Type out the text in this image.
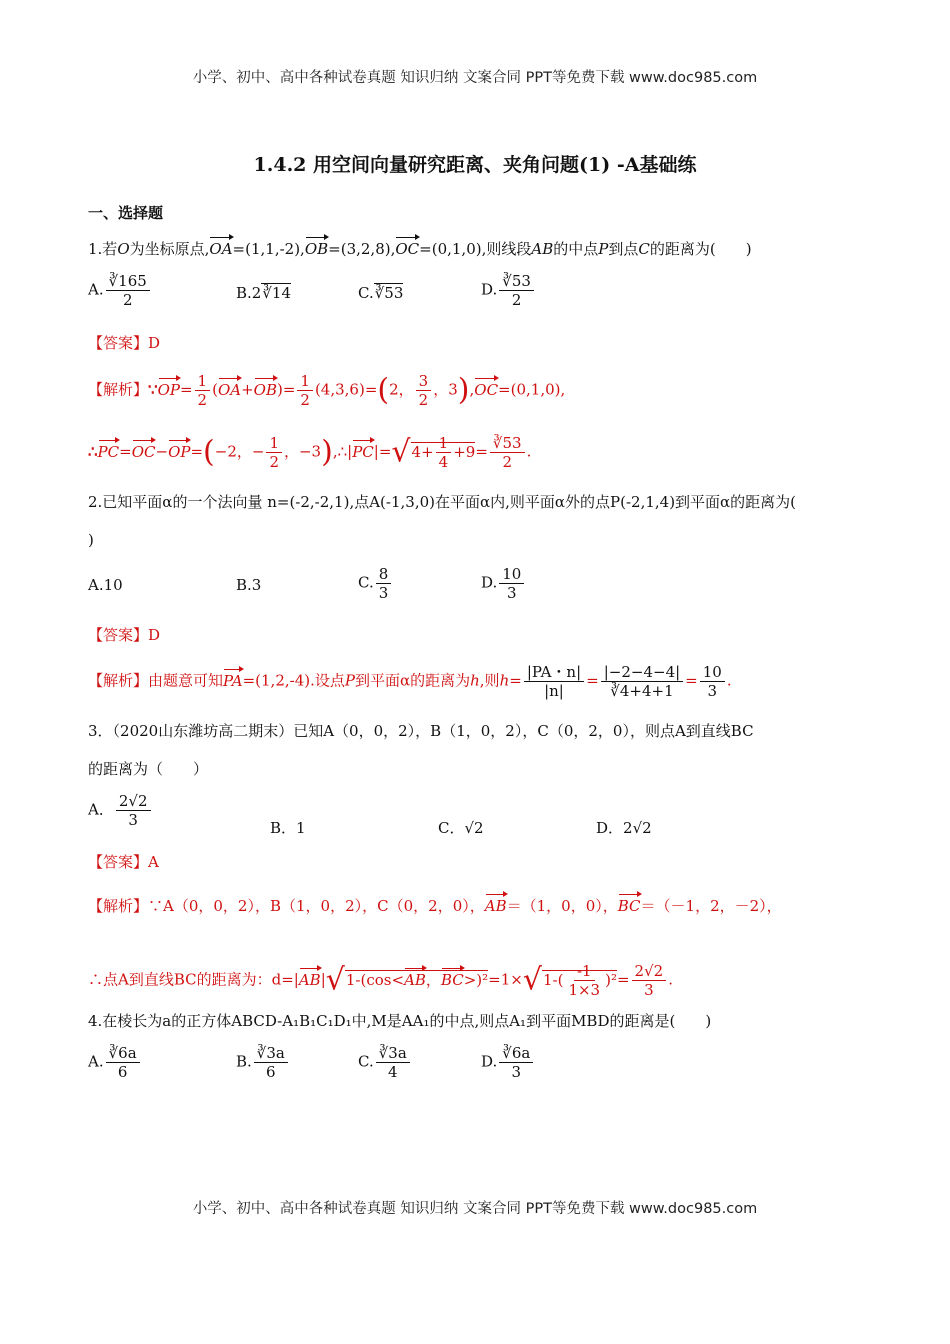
小学、初中、高中各种试卷真题 知识归纳 文案合同 PPT等免费下载 www.doc985.com
1.4.2 用空间向量研究距离、夹角问题(1) -A基础练
一、选择题
1.若O为坐标原点,OA=(1,1,-2),OB=(3,2,8),OC=(0,1,0),则线段AB的中点P到点C的距离为(　　)
A. $\frac{∛165}{2}$	B.2∛14	C.∛53	D. $\frac{∛53}{2}$
【答案】D
【解析】∵OP= $\frac{1}{2} (OA+OB)= \frac{1}{2} (4,3,6)=(2$， $\frac{3}{2}$ ，3),OC=(0,1,0),
∴PC=OC−OP=(−2，− $\frac{1}{2}$ ，−3),∴|PC|=√4+ $\frac{1}{4} +9= \frac{∛53}{2}$ .
2.已知平面α的一个法向量 n=(-2,-2,1),点A(-1,3,0)在平面α内,则平面α外的点P(-2,1,4)到平面α的距离为(
)
A.10	B.3	C. $\frac{8}{3}$	D. $\frac{10}{3}$
【答案】D
【解析】由题意可知PA=(1,2,-4).设点P到平面α的距离为h,则$h= \frac{|PA・n|}{|n|} = \frac{|-2-4-4|}{∛4+4+1} = \frac{10}{3}$ .
3．（2020山东潍坊高二期末）已知A（0，0，2），B（1，0，2），C（0，2，0），则点A到直线BC
的距离为（　　）
A． $\frac{2√2}{3}$	B．1	C．√2	D．2√2
【答案】A
【解析】∵A（0，0，2），B（1，0，2），C（0，2，0），AB＝（1，0，0），BC＝（－1，2，－2），
∴点A到直线BC的距离为：d=|AB|√1-(cos<AB，$BC>)^2=1\times√1-( \frac{-1}{1\times 3} )^2= \frac{2√2}{3}$ .
4.在棱长为a的正方体ABCD-A₁B₁C₁D₁中,M是AA₁的中点,则点A₁到平面MBD的距离是(　　)
A. $\frac{∛6a}{6}$	B. $\frac{∛3a}{6}$	C. $\frac{∛3a}{4}$	D. $\frac{∛6a}{3}$
小学、初中、高中各种试卷真题 知识归纳 文案合同 PPT等免费下载 www.doc985.com
